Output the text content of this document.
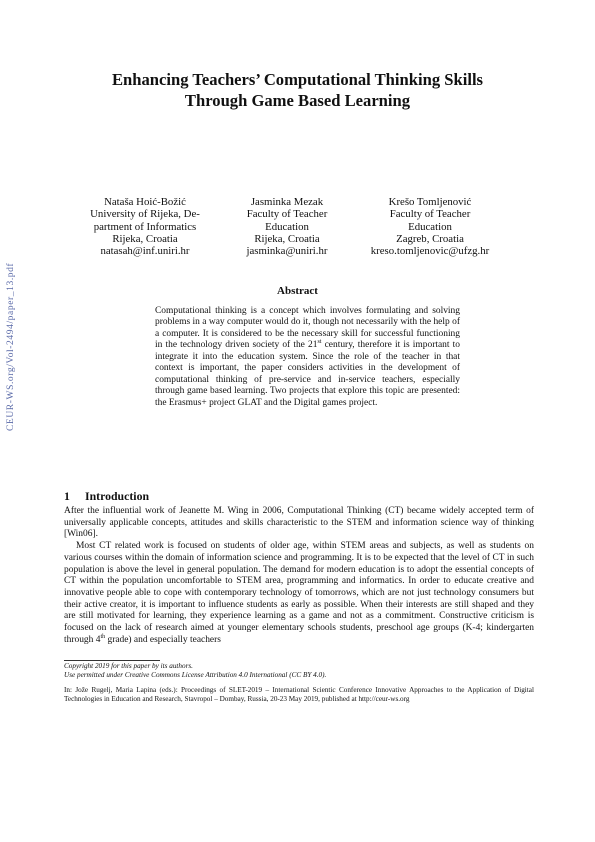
CEUR-WS.org/Vol-2494/paper_13.pdf
Enhancing Teachers’ Computational Thinking Skills
Through Game Based Learning
Nataša Hoić-Božić
University of Rijeka, De-
partment of Informatics
Rijeka, Croatia
natasah@inf.uniri.hr
Jasminka Mezak
Faculty of Teacher
Education
Rijeka, Croatia
jasminka@uniri.hr
Krešo Tomljenović
Faculty of Teacher
Education
Zagreb, Croatia
kreso.tomljenovic@ufzg.hr
Abstract
Computational thinking is a concept which involves formulating and solving problems in a way computer would do it, though not necessarily with the help of a computer. It is considered to be the necessary skill for successful functioning in the technology driven society of the 21st century, therefore it is important to integrate it into the education system. Since the role of the teacher in that context is important, the paper considers activities in the development of computational thinking of pre-service and in-service teachers, especially through game based learning. Two projects that explore this topic are presented: the Erasmus+ project GLAT and the Digital games project.
1 Introduction

After the influential work of Jeanette M. Wing in 2006, Computational Thinking (CT) became widely accepted term of universally applicable concepts, attitudes and skills characteristic to the STEM and information science way of thinking [Win06].

Most CT related work is focused on students of older age, within STEM areas and subjects, as well as students on various courses within the domain of information science and programming. It is to be expected that the level of CT in such population is above the level in general population. The demand for modern education is to adopt the essential concepts of CT within the population uncomfortable to STEM area, programming and informatics. In order to educate creative and innovative people able to cope with contemporary technology of tomorrows, which are not just technology consumers but their active creator, it is important to influence students as early as possible. When their interests are still shaped and they are still motivated for learning, they experience learning as a game and not as a commitment. Constructive criticism is focused on the lack of research aimed at younger elementary schools students, preschool age groups (K-4; kindergarten through 4th grade) and especially teachers

Copyright 2019 for this paper by its authors.
Use permitted under Creative Commons License Attribution 4.0 International (CC BY 4.0).
In: Jože Rugelj, Maria Lapina (eds.): Proceedings of SLET-2019 – International Scientic Conference Innovative Approaches to the Application of Digital Technologies in Education and Research, Stavropol – Dombay, Russia, 20-23 May 2019, published at http://ceur-ws.org
